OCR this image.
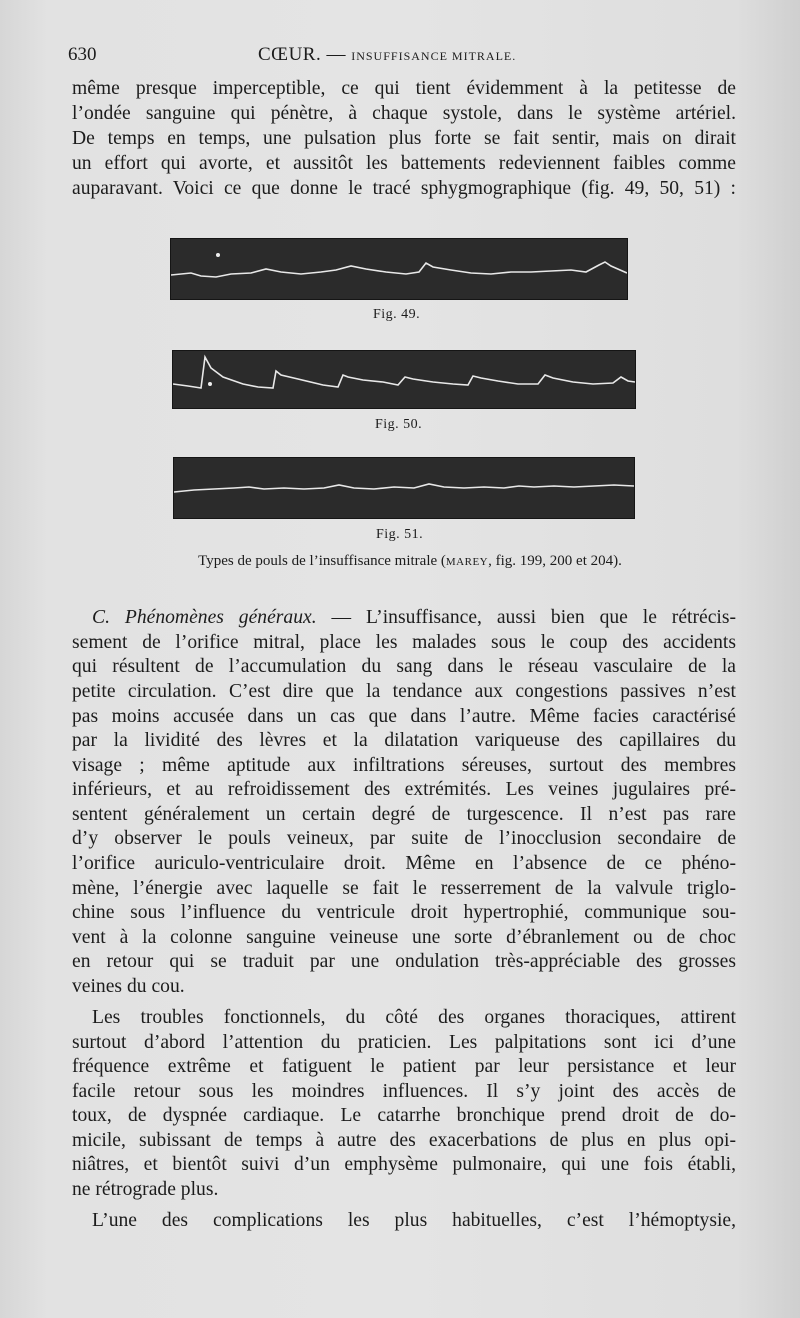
630	CŒUR. — INSUFFISANCE MITRALE.
même presque imperceptible, ce qui tient évidemment à la petitesse de
l’ondée sanguine qui pénètre, à chaque systole, dans le système artériel.
De temps en temps, une pulsation plus forte se fait sentir, mais on dirait
un effort qui avorte, et aussitôt les battements redeviennent faibles comme
auparavant. Voici ce que donne le tracé sphygmographique (fig. 49, 50, 51) :
Fig. 49.
Fig. 50.
Fig. 51.
Types de pouls de l’insuffisance mitrale (MAREY, fig. 199, 200 et 204).
C. Phénomènes généraux. — L’insuffisance, aussi bien que le rétrécis-
sement de l’orifice mitral, place les malades sous le coup des accidents
qui résultent de l’accumulation du sang dans le réseau vasculaire de la
petite circulation. C’est dire que la tendance aux congestions passives n’est
pas moins accusée dans un cas que dans l’autre. Même facies caractérisé
par la lividité des lèvres et la dilatation variqueuse des capillaires du
visage ; même aptitude aux infiltrations séreuses, surtout des membres
inférieurs, et au refroidissement des extrémités. Les veines jugulaires pré-
sentent généralement un certain degré de turgescence. Il n’est pas rare
d’y observer le pouls veineux, par suite de l’inocclusion secondaire de
l’orifice auriculo-ventriculaire droit. Même en l’absence de ce phéno-
mène, l’énergie avec laquelle se fait le resserrement de la valvule triglo-
chine sous l’influence du ventricule droit hypertrophié, communique sou-
vent à la colonne sanguine veineuse une sorte d’ébranlement ou de choc
en retour qui se traduit par une ondulation très-appréciable des grosses
veines du cou.
Les troubles fonctionnels, du côté des organes thoraciques, attirent
surtout d’abord l’attention du praticien. Les palpitations sont ici d’une
fréquence extrême et fatiguent le patient par leur persistance et leur
facile retour sous les moindres influences. Il s’y joint des accès de
toux, de dyspnée cardiaque. Le catarrhe bronchique prend droit de do-
micile, subissant de temps à autre des exacerbations de plus en plus opi-
niâtres, et bientôt suivi d’un emphysème pulmonaire, qui une fois établi,
ne rétrograde plus.
L’une des complications les plus habituelles, c’est l’hémoptysie,
